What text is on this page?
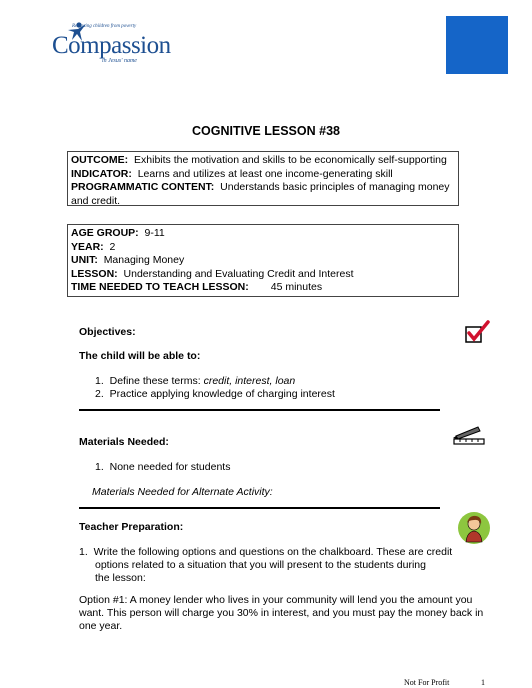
Releasing children from poverty
Compassion
in Jesus' name
COGNITIVE LESSON #38
OUTCOME: Exhibits the motivation and skills to be economically self-supporting
INDICATOR: Learns and utilizes at least one income-generating skill
PROGRAMMATIC CONTENT: Understands basic principles of managing money
and credit.
AGE GROUP: 9-11
YEAR: 2
UNIT: Managing Money
LESSON: Understanding and Evaluating Credit and Interest
TIME NEEDED TO TEACH LESSON: 45 minutes
Objectives:
The child will be able to:
1. Define these terms: credit, interest, loan
2. Practice applying knowledge of charging interest
Materials Needed:
1. None needed for students
Materials Needed for Alternate Activity:
Teacher Preparation:
1. Write the following options and questions on the chalkboard. These are credit
options related to a situation that you will present to the students during
the lesson:
Option #1: A money lender who lives in your community will lend you the amount you
want. This person will charge you 30% in interest, and you must pay the money back in
one year.
Not For Profit	1
